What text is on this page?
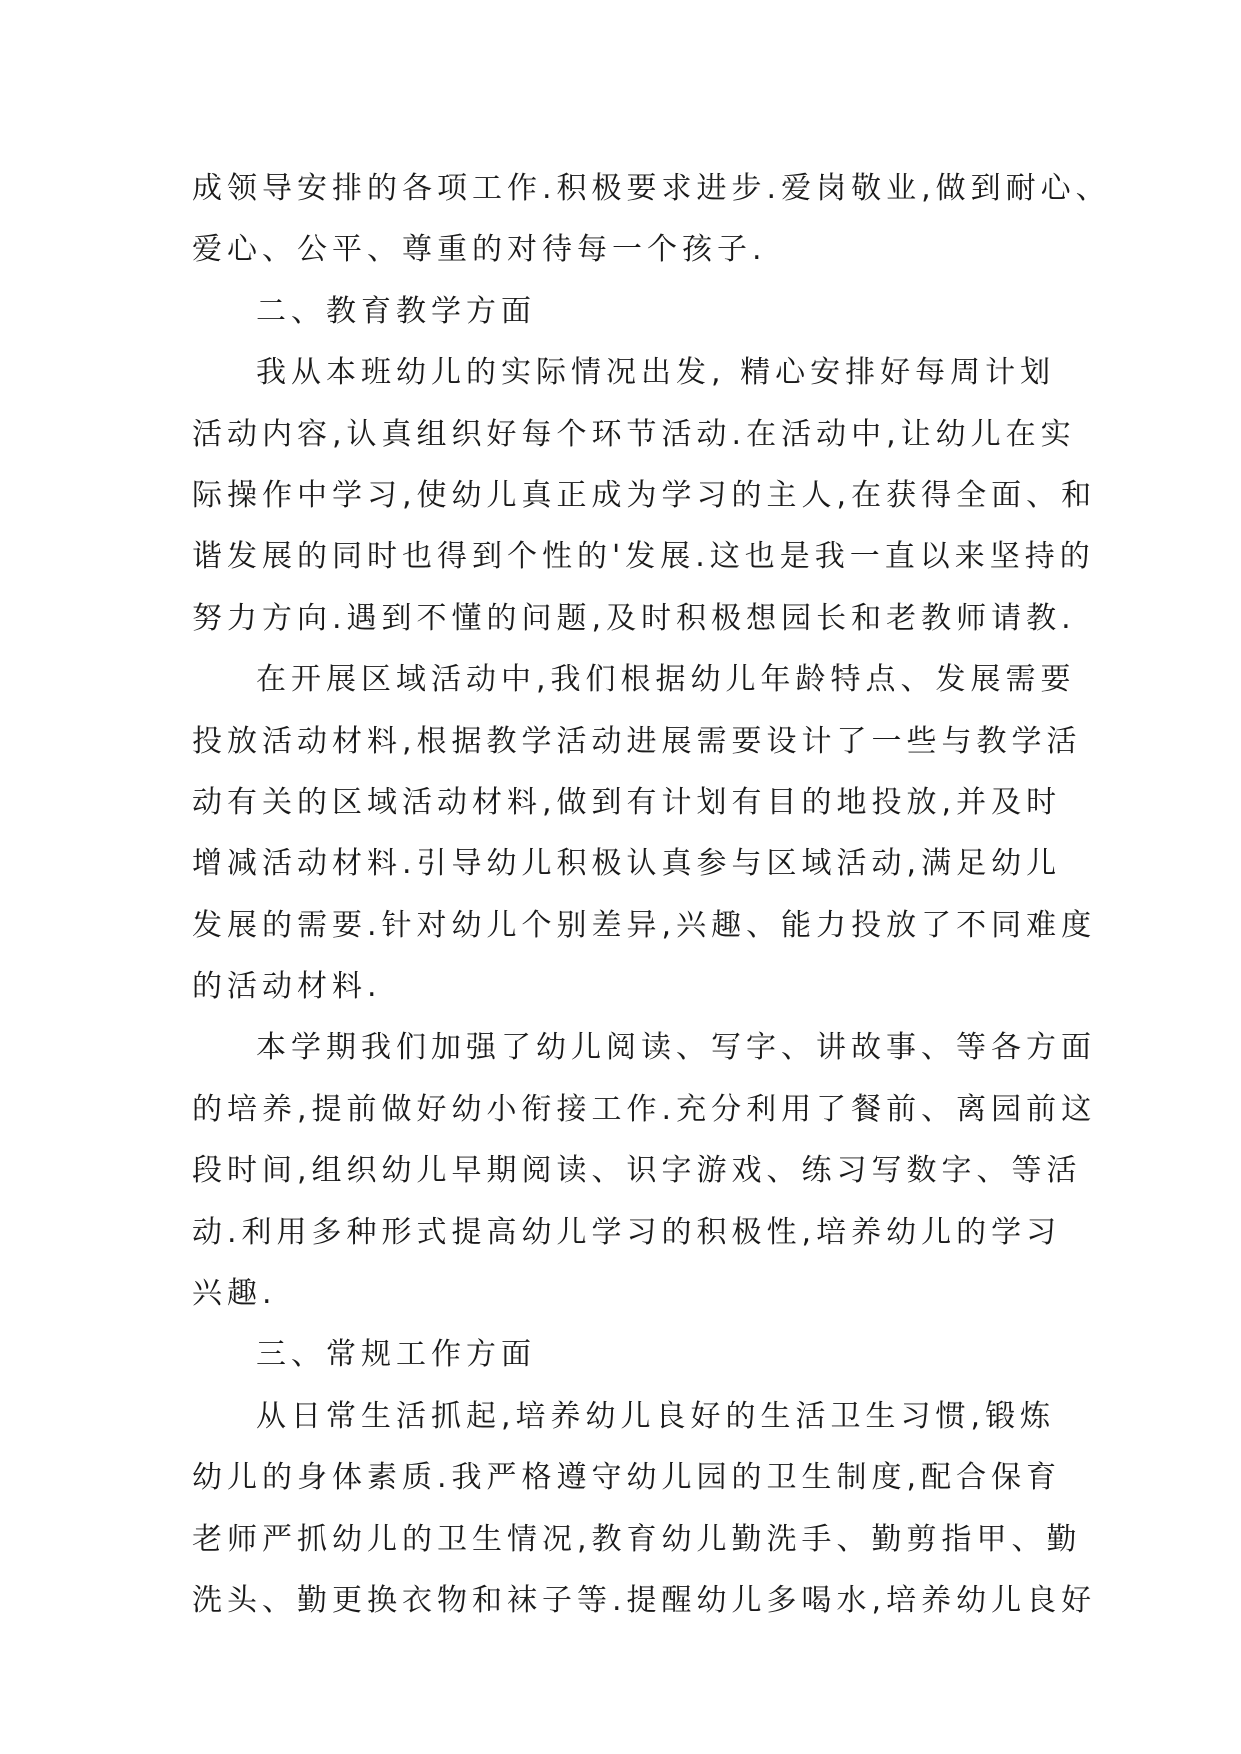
成领导安排的各项工作.积极要求进步.爱岗敬业,做到耐心、
爱心、公平、尊重的对待每一个孩子.
二、教育教学方面
我从本班幼儿的实际情况出发, 精心安排好每周计划
活动内容,认真组织好每个环节活动.在活动中,让幼儿在实
际操作中学习,使幼儿真正成为学习的主人,在获得全面、和
谐发展的同时也得到个性的'发展.这也是我一直以来坚持的
努力方向.遇到不懂的问题,及时积极想园长和老教师请教.
在开展区域活动中,我们根据幼儿年龄特点、发展需要
投放活动材料,根据教学活动进展需要设计了一些与教学活
动有关的区域活动材料,做到有计划有目的地投放,并及时
增减活动材料.引导幼儿积极认真参与区域活动,满足幼儿
发展的需要.针对幼儿个别差异,兴趣、能力投放了不同难度
的活动材料.
本学期我们加强了幼儿阅读、写字、讲故事、等各方面
的培养,提前做好幼小衔接工作.充分利用了餐前、离园前这
段时间,组织幼儿早期阅读、识字游戏、练习写数字、等活
动.利用多种形式提高幼儿学习的积极性,培养幼儿的学习
兴趣.
三、常规工作方面
从日常生活抓起,培养幼儿良好的生活卫生习惯,锻炼
幼儿的身体素质.我严格遵守幼儿园的卫生制度,配合保育
老师严抓幼儿的卫生情况,教育幼儿勤洗手、勤剪指甲、勤
洗头、勤更换衣物和袜子等.提醒幼儿多喝水,培养幼儿良好
